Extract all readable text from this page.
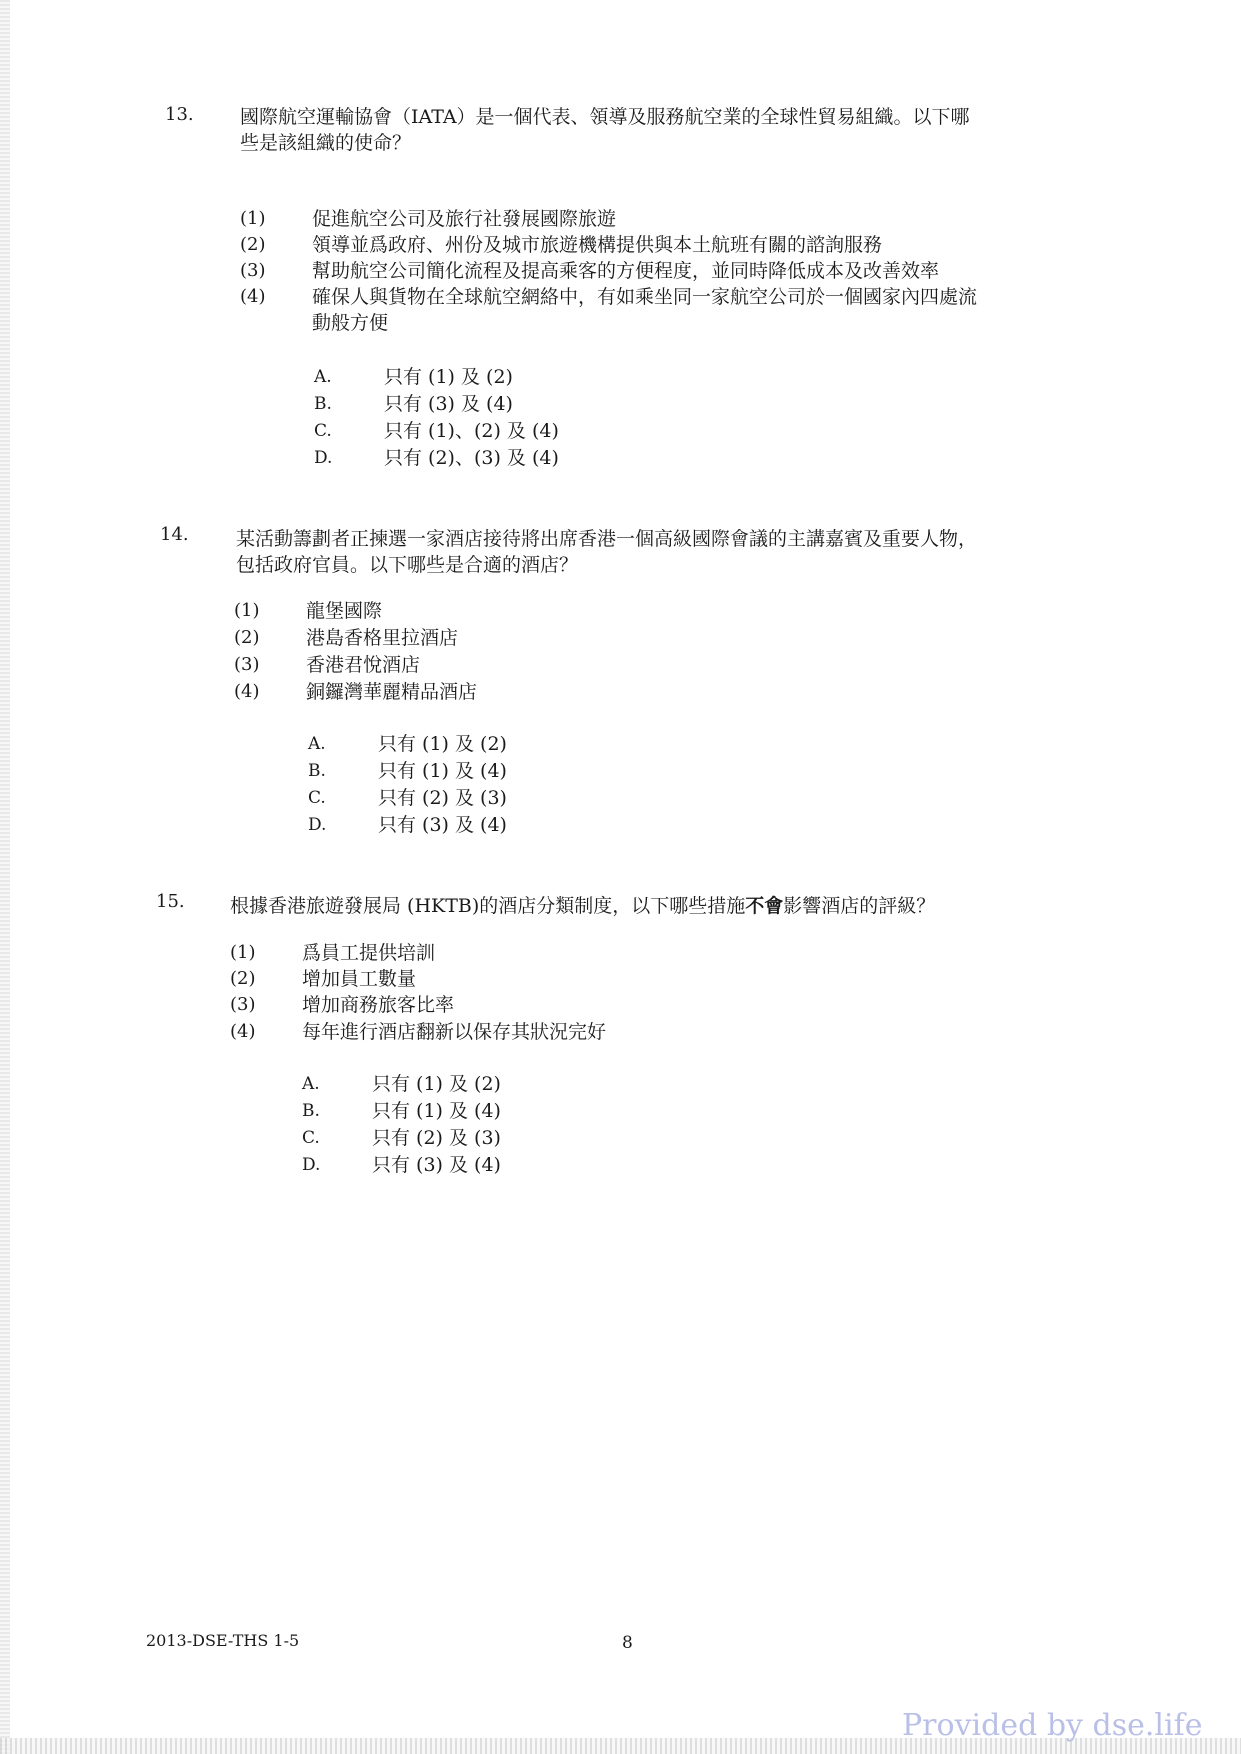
13. 國際航空運輸協會（IATA）是一個代表、領導及服務航空業的全球性貿易組織。以下哪
些是該組織的使命？
(1)	促進航空公司及旅行社發展國際旅遊
(2)	領導並爲政府、州份及城市旅遊機構提供與本土航班有關的諮詢服務
(3)	幫助航空公司簡化流程及提高乘客的方便程度，並同時降低成本及改善效率
(4)	確保人與貨物在全球航空網絡中，有如乘坐同一家航空公司於一個國家內四處流
動般方便
A.	只有 (1) 及 (2)
B.	只有 (3) 及 (4)
C.	只有 (1)、(2) 及 (4)
D.	只有 (2)、(3) 及 (4)
14. 某活動籌劃者正揀選一家酒店接待將出席香港一個高級國際會議的主講嘉賓及重要人物，
包括政府官員。以下哪些是合適的酒店？
(1)	龍堡國際
(2)	港島香格里拉酒店
(3)	香港君悅酒店
(4)	銅鑼灣華麗精品酒店
A.	只有 (1) 及 (2)
B.	只有 (1) 及 (4)
C.	只有 (2) 及 (3)
D.	只有 (3) 及 (4)
15. 根據香港旅遊發展局 (HKTB)的酒店分類制度，以下哪些措施不會影響酒店的評級？
(1)	爲員工提供培訓
(2)	增加員工數量
(3)	增加商務旅客比率
(4)	每年進行酒店翻新以保存其狀況完好
A.	只有 (1) 及 (2)
B.	只有 (1) 及 (4)
C.	只有 (2) 及 (3)
D.	只有 (3) 及 (4)
2013-DSE-THS 1-5	8
Provided by dse.life
